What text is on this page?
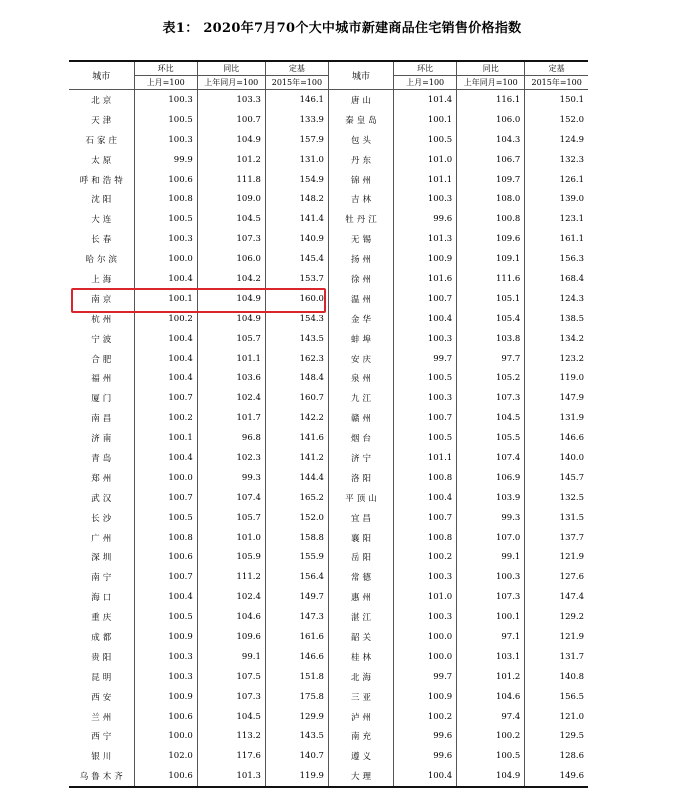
表1： 2020年7月70个大中城市新建商品住宅销售价格指数
城市	环比	同比	定基	城市	环比	同比	定基
	上月=100	上年同月=100	2015年=100		上月=100	上年同月=100	2015年=100
北京	100.3	103.3	146.1	唐山	101.4	116.1	150.1
天津	100.5	100.7	133.9	秦皇岛	100.1	106.0	152.0
石家庄	100.3	104.9	157.9	包头	100.5	104.3	124.9
太原	99.9	101.2	131.0	丹东	101.0	106.7	132.3
呼和浩特	100.6	111.8	154.9	锦州	101.1	109.7	126.1
沈阳	100.8	109.0	148.2	吉林	100.3	108.0	139.0
大连	100.5	104.5	141.4	牡丹江	99.6	100.8	123.1
长春	100.3	107.3	140.9	无锡	101.3	109.6	161.1
哈尔滨	100.0	106.0	145.4	扬州	100.9	109.1	156.3
上海	100.4	104.2	153.7	徐州	101.6	111.6	168.4
南京	100.1	104.9	160.0	温州	100.7	105.1	124.3
杭州	100.2	104.9	154.3	金华	100.4	105.4	138.5
宁波	100.4	105.7	143.5	蚌埠	100.3	103.8	134.2
合肥	100.4	101.1	162.3	安庆	99.7	97.7	123.2
福州	100.4	103.6	148.4	泉州	100.5	105.2	119.0
厦门	100.7	102.4	160.7	九江	100.3	107.3	147.9
南昌	100.2	101.7	142.2	赣州	100.7	104.5	131.9
济南	100.1	96.8	141.6	烟台	100.5	105.5	146.6
青岛	100.4	102.3	141.2	济宁	101.1	107.4	140.0
郑州	100.0	99.3	144.4	洛阳	100.8	106.9	145.7
武汉	100.7	107.4	165.2	平顶山	100.4	103.9	132.5
长沙	100.5	105.7	152.0	宜昌	100.7	99.3	131.5
广州	100.8	101.0	158.8	襄阳	100.8	107.0	137.7
深圳	100.6	105.9	155.9	岳阳	100.2	99.1	121.9
南宁	100.7	111.2	156.4	常德	100.3	100.3	127.6
海口	100.4	102.4	149.7	惠州	101.0	107.3	147.4
重庆	100.5	104.6	147.3	湛江	100.3	100.1	129.2
成都	100.9	109.6	161.6	韶关	100.0	97.1	121.9
贵阳	100.3	99.1	146.6	桂林	100.0	103.1	131.7
昆明	100.3	107.5	151.8	北海	99.7	101.2	140.8
西安	100.9	107.3	175.8	三亚	100.9	104.6	156.5
兰州	100.6	104.5	129.9	泸州	100.2	97.4	121.0
西宁	100.0	113.2	143.5	南充	99.6	100.2	129.5
银川	102.0	117.6	140.7	遵义	99.6	100.5	128.6
乌鲁木齐	100.6	101.3	119.9	大理	100.4	104.9	149.6
